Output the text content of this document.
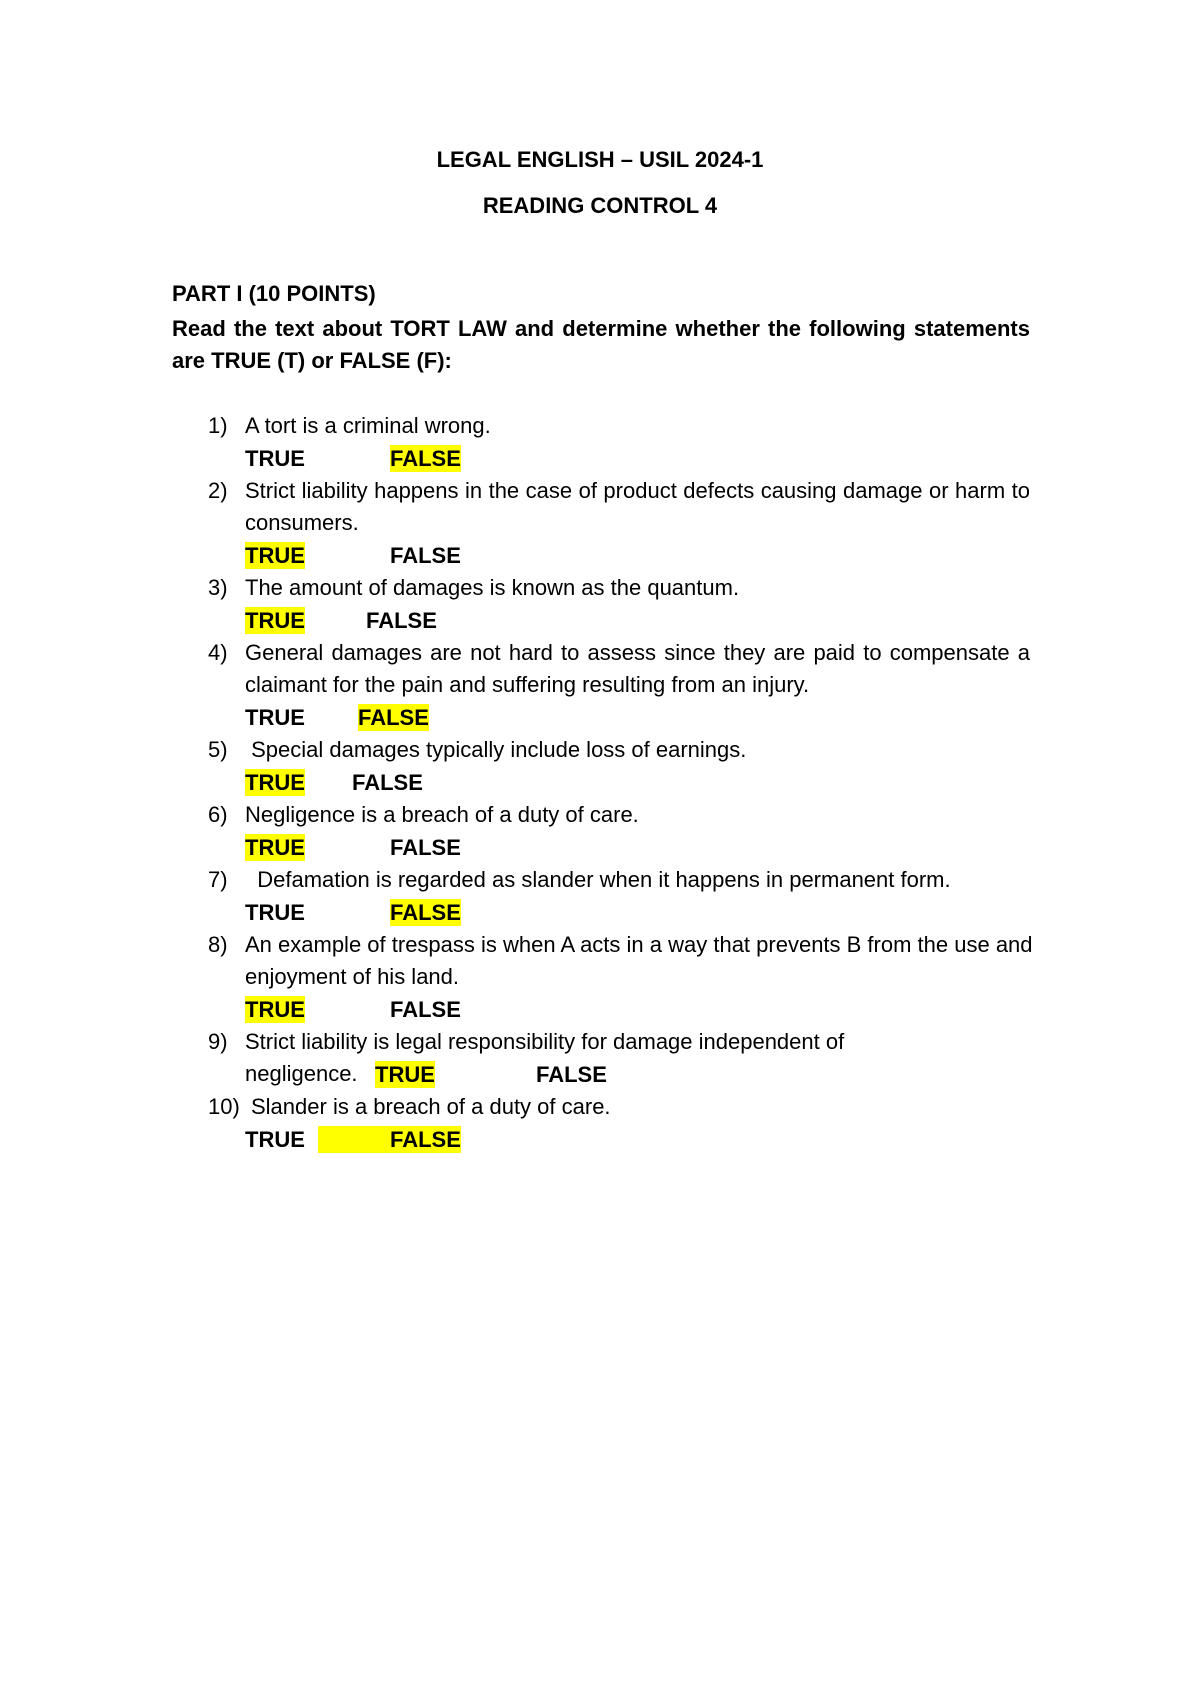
LEGAL ENGLISH – USIL 2024-1
READING CONTROL 4
PART I (10 POINTS)
Read the text about TORT LAW and determine whether the following statements are TRUE (T) or FALSE (F):
1) A tort is a criminal wrong.
TRUE	FALSE
2) Strict liability happens in the case of product defects causing damage or harm to consumers.
TRUE	FALSE
3) The amount of damages is known as the quantum.
TRUE	FALSE
4) General damages are not hard to assess since they are paid to compensate a claimant for the pain and suffering resulting from an injury.
TRUE FALSE
5) Special damages typically include loss of earnings.
TRUE FALSE
6) Negligence is a breach of a duty of care.
TRUE	FALSE
7) Defamation is regarded as slander when it happens in permanent form.
TRUE	FALSE
8) An example of trespass is when A acts in a way that prevents B from the use and enjoyment of his land.
TRUE	FALSE
9) Strict liability is legal responsibility for damage independent of negligence. TRUE	FALSE
10) Slander is a breach of a duty of care.
TRUE	FALSE
